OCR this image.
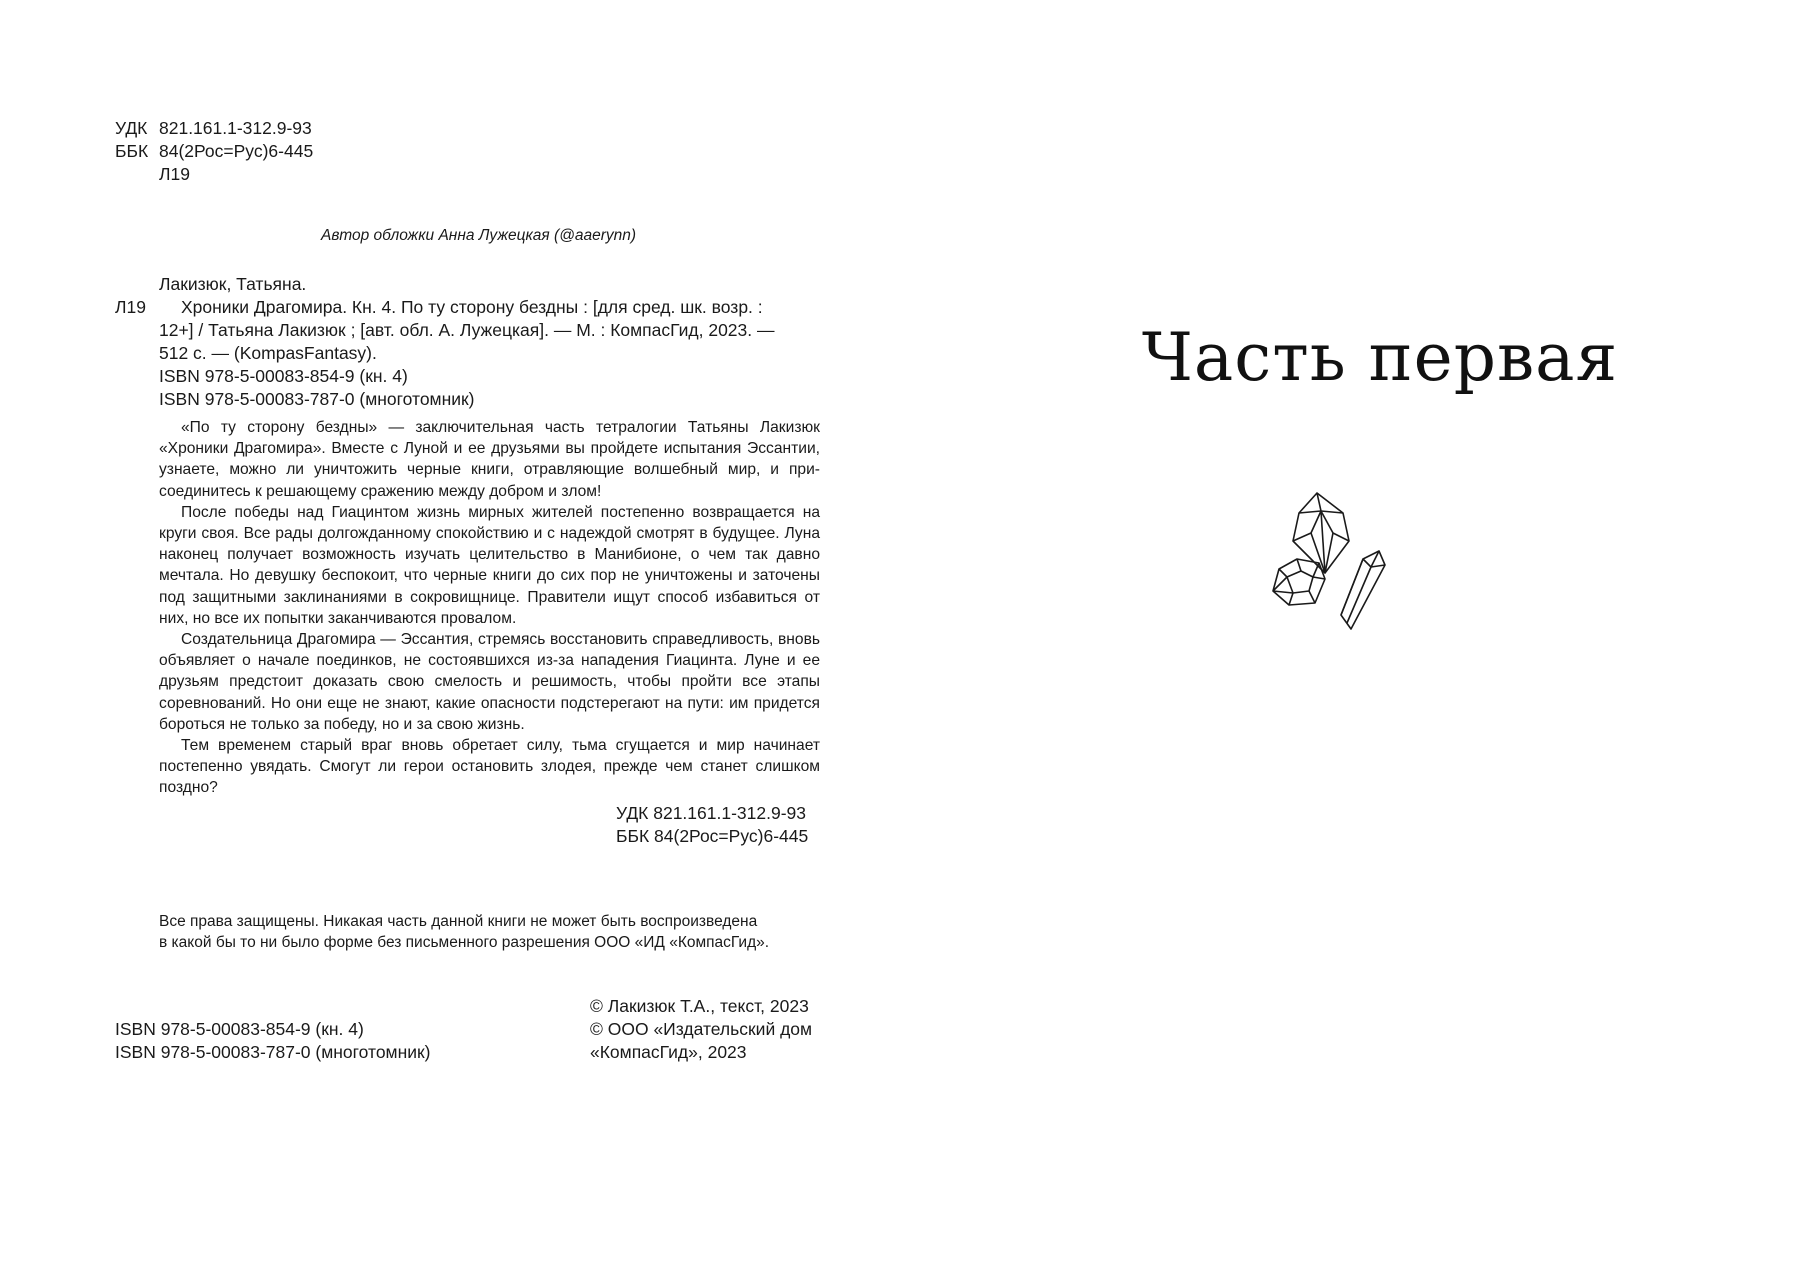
УДК 821.161.1-312.9-93
ББК 84(2Рос=Рус)6-445
Л19
Автор обложки Анна Лужецкая (@aaerynn)
Лакизюк, Татьяна.
Л19 Хроники Драгомира. Кн. 4. По ту сторону бездны : [для сред. шк. возр. :
12+] / Татьяна Лакизюк ; [авт. обл. А. Лужецкая]. — М. : КомпасГид, 2023. —
512 с. — (KompasFantasy).
ISBN 978-5-00083-854-9 (кн. 4)
ISBN 978-5-00083-787-0 (многотомник)

«По ту сторону бездны» — заключительная часть тетралогии Татьяны Лакизюк «Хроники Драгомира». Вместе с Луной и ее друзьями вы пройдете испытания Эссантии, узнаете, можно ли уничтожить черные книги, отравляющие волшебный мир, и присоединитесь к решающему сражению между добром и злом!

После победы над Гиацинтом жизнь мирных жителей постепенно возвращается на круги своя. Все рады долгожданному спокойствию и с надеждой смотрят в будущее. Луна наконец получает возможность изучать целительство в Манибионе, о чем так давно мечтала. Но девушку беспокоит, что черные книги до сих пор не уничтожены и заточены под защитными заклинаниями в сокровищнице. Правители ищут способ избавиться от них, но все их попытки заканчиваются провалом.

Создательница Драгомира — Эссантия, стремясь восстановить справедливость, вновь объявляет о начале поединков, не состоявшихся из-за нападения Гиацинта. Луне и ее друзьям предстоит доказать свою смелость и решимость, чтобы пройти все этапы соревнований. Но они еще не знают, какие опасности подстерегают на пути: им придется бороться не только за победу, но и за свою жизнь.

Тем временем старый враг вновь обретает силу, тьма сгущается и мир начинает постепенно увядать. Смогут ли герои остановить злодея, прежде чем станет слишком поздно?

УДК 821.161.1-312.9-93
ББК 84(2Рос=Рус)6-445
Все права защищены. Никакая часть данной книги не может быть воспроизведена
в какой бы то ни было форме без письменного разрешения ООО «ИД «КомпасГид».
© Лакизюк Т.А., текст, 2023
ISBN 978-5-00083-854-9 (кн. 4)	© ООО «Издательский дом
ISBN 978-5-00083-787-0 (многотомник)	«КомпасГид», 2023
Часть первая
